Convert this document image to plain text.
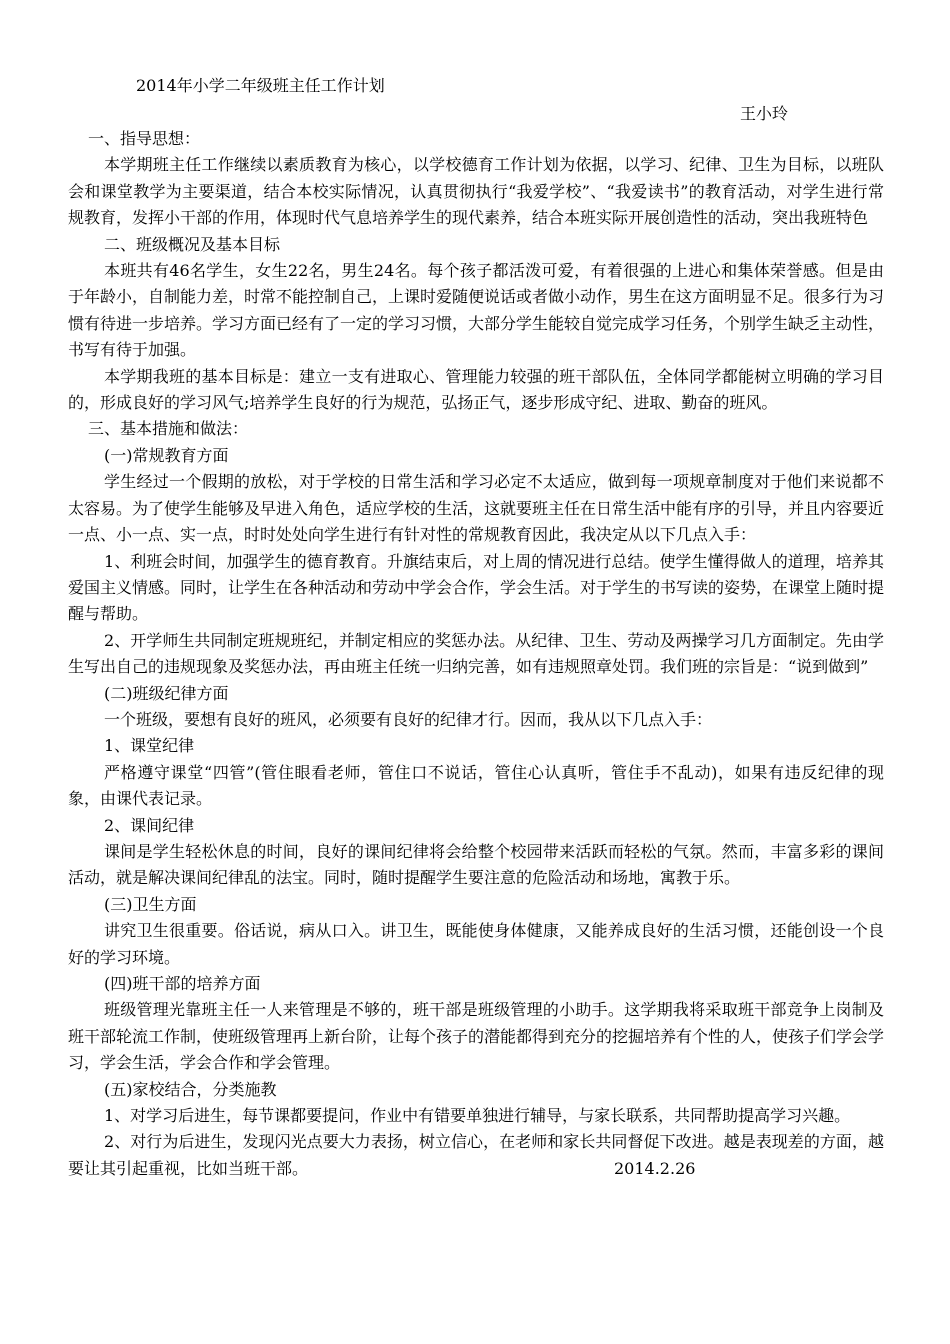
2014年小学二年级班主任工作计划
王小玲

一、指导思想：

本学期班主任工作继续以素质教育为核心，以学校德育工作计划为依据，以学习、纪律、卫生为目标，以班队会和课堂教学为主要渠道，结合本校实际情况，认真贯彻执行“我爱学校”、“我爱读书”的教育活动，对学生进行常规教育，发挥小干部的作用，体现时代气息培养学生的现代素养，结合本班实际开展创造性的活动，突出我班特色

二、班级概况及基本目标

本班共有46名学生，女生22名，男生24名。每个孩子都活泼可爱，有着很强的上进心和集体荣誉感。但是由于年龄小，自制能力差，时常不能控制自己，上课时爱随便说话或者做小动作，男生在这方面明显不足。很多行为习惯有待进一步培养。学习方面已经有了一定的学习习惯，大部分学生能较自觉完成学习任务，个别学生缺乏主动性，书写有待于加强。

本学期我班的基本目标是：建立一支有进取心、管理能力较强的班干部队伍，全体同学都能树立明确的学习目的，形成良好的学习风气;培养学生良好的行为规范，弘扬正气，逐步形成守纪、进取、勤奋的班风。

三、基本措施和做法：

(一)常规教育方面

学生经过一个假期的放松，对于学校的日常生活和学习必定不太适应，做到每一项规章制度对于他们来说都不太容易。为了使学生能够及早进入角色，适应学校的生活，这就要班主任在日常生活中能有序的引导，并且内容要近一点、小一点、实一点，时时处处向学生进行有针对性的常规教育因此，我决定从以下几点入手：

1、利班会时间，加强学生的德育教育。升旗结束后，对上周的情况进行总结。使学生懂得做人的道理，培养其爱国主义情感。同时，让学生在各种活动和劳动中学会合作，学会生活。对于学生的书写读的姿势，在课堂上随时提醒与帮助。

2、开学师生共同制定班规班纪，并制定相应的奖惩办法。从纪律、卫生、劳动及两操学习几方面制定。先由学生写出自己的违规现象及奖惩办法，再由班主任统一归纳完善，如有违规照章处罚。我们班的宗旨是：“说到做到”

(二)班级纪律方面

一个班级，要想有良好的班风，必须要有良好的纪律才行。因而，我从以下几点入手：

1、课堂纪律

严格遵守课堂“四管”(管住眼看老师，管住口不说话，管住心认真听，管住手不乱动)，如果有违反纪律的现象，由课代表记录。

2、课间纪律

课间是学生轻松休息的时间，良好的课间纪律将会给整个校园带来活跃而轻松的气氛。然而，丰富多彩的课间活动，就是解决课间纪律乱的法宝。同时，随时提醒学生要注意的危险活动和场地，寓教于乐。

(三)卫生方面

讲究卫生很重要。俗话说，病从口入。讲卫生，既能使身体健康，又能养成良好的生活习惯，还能创设一个良好的学习环境。

(四)班干部的培养方面

班级管理光靠班主任一人来管理是不够的，班干部是班级管理的小助手。这学期我将采取班干部竞争上岗制及班干部轮流工作制，使班级管理再上新台阶，让每个孩子的潜能都得到充分的挖掘培养有个性的人，使孩子们学会学习，学会生活，学会合作和学会管理。

(五)家校结合，分类施教

1、对学习后进生，每节课都要提问，作业中有错要单独进行辅导，与家长联系，共同帮助提高学习兴趣。

2、对行为后进生，发现闪光点要大力表扬，树立信心，在老师和家长共同督促下改进。越是表现差的方面，越要让其引起重视，比如当班干部。	2014.2.26
